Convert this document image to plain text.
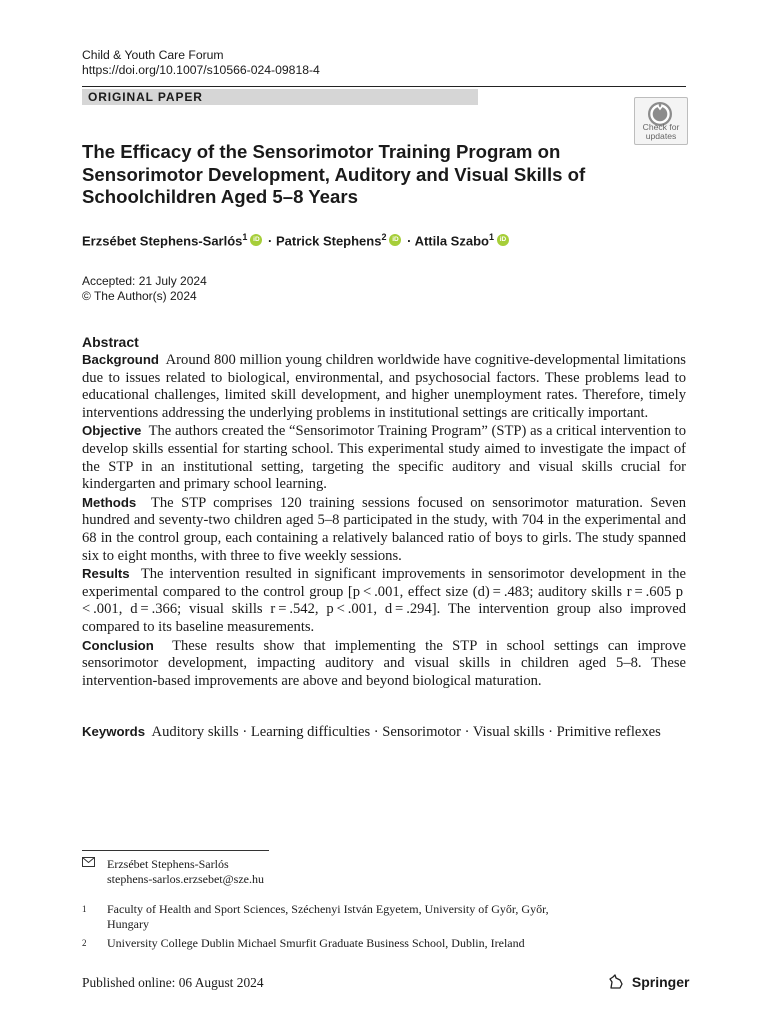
Child & Youth Care Forum
https://doi.org/10.1007/s10566-024-09818-4
ORIGINAL PAPER
Check for
updates
The Efficacy of the Sensorimotor Training Program on Sensorimotor Development, Auditory and Visual Skills of Schoolchildren Aged 5–8 Years
Erzsébet Stephens-Sarlós$^1$iD · Patrick Stephens$^2$iD · Attila Szabo$^1$iD
Accepted: 21 July 2024
© The Author(s) 2024
Abstract

Background Around 800 million young children worldwide have cognitive-developmental limitations due to issues related to biological, environmental, and psychosocial factors. These problems lead to educational challenges, limited skill development, and higher unemployment rates. Therefore, timely interventions addressing the underlying problems in institutional settings are critically important.

Objective The authors created the “Sensorimotor Training Program” (STP) as a critical intervention to develop skills essential for starting school. This experimental study aimed to investigate the impact of the STP in an institutional setting, targeting the specific auditory and visual skills crucial for kindergarten and primary school learning.

Methods The STP comprises 120 training sessions focused on sensorimotor maturation. Seven hundred and seventy-two children aged 5–8 participated in the study, with 704 in the experimental and 68 in the control group, each containing a relatively balanced ratio of boys to girls. The study spanned six to eight months, with three to five weekly sessions.

Results The intervention resulted in significant improvements in sensorimotor development in the experimental compared to the control group [p < .001, effect size (d) = .483; auditory skills r = .605 p < .001, d = .366; visual skills r = .542, p < .001, d = .294]. The intervention group also improved compared to its baseline measurements.

Conclusion These results show that implementing the STP in school settings can improve sensorimotor development, impacting auditory and visual skills in children aged 5–8. These intervention-based improvements are above and beyond biological maturation.

Keywords Auditory skills · Learning difficulties · Sensorimotor · Visual skills · Primitive reflexes
Erzsébet Stephens-Sarlós
stephens-sarlos.erzsebet@sze.hu
1	Faculty of Health and Sport Sciences, Széchenyi István Egyetem, University of Győr, Győr,
Hungary
2	University College Dublin Michael Smurfit Graduate Business School, Dublin, Ireland
Published online: 06 August 2024	Springer
